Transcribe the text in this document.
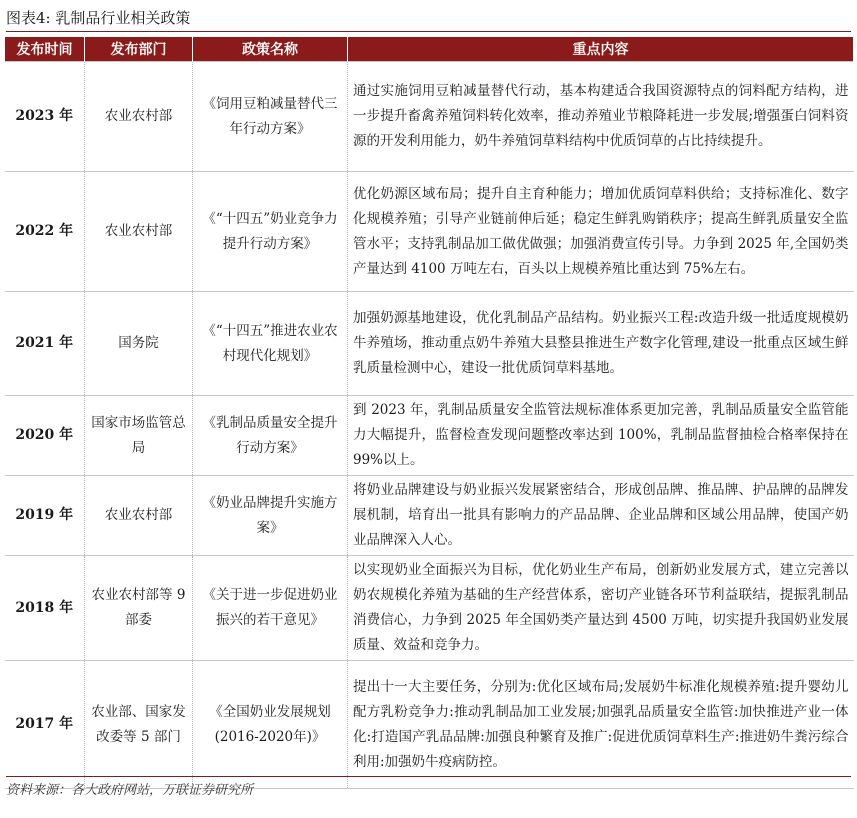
图表4: 乳制品行业相关政策
发布时间	发布部门	政策名称	重点内容
2023 年	农业农村部	《饲用豆粕减量替代三年行动方案》	通过实施饲用豆粕减量替代行动，基本构建适合我国资源特点的饲料配方结构，进一步提升畜禽养殖饲料转化效率，推动养殖业节粮降耗进一步发展;增强蛋白饲料资源的开发利用能力，奶牛养殖饲草料结构中优质饲草的占比持续提升。
2022 年	农业农村部	《“十四五”奶业竞争力提升行动方案》	优化奶源区域布局；提升自主育种能力；增加优质饲草料供给；支持标准化、数字化规模养殖；引导产业链前伸后延；稳定生鲜乳购销秩序；提高生鲜乳质量安全监管水平；支持乳制品加工做优做强；加强消费宣传引导。力争到 2025 年,全国奶类产量达到 4100 万吨左右，百头以上规模养殖比重达到 75%左右。
2021 年	国务院	《“十四五”推进农业农村现代化规划》	加强奶源基地建设，优化乳制品产品结构。奶业振兴工程:改造升级一批适度规模奶牛养殖场，推动重点奶牛养殖大县整县推进生产数字化管理,建设一批重点区域生鲜乳质量检测中心，建设一批优质饲草料基地。
2020 年	国家市场监管总局	《乳制品质量安全提升行动方案》	到 2023 年，乳制品质量安全监管法规标准体系更加完善，乳制品质量安全监管能力大幅提升，监督检查发现问题整改率达到 100%，乳制品监督抽检合格率保持在 99%以上。
2019 年	农业农村部	《奶业品牌提升实施方案》	将奶业品牌建设与奶业振兴发展紧密结合，形成创品牌、推品牌、护品牌的品牌发展机制，培育出一批具有影响力的产品品牌、企业品牌和区域公用品牌，使国产奶业品牌深入人心。
2018 年	农业农村部等 9 部委	《关于进一步促进奶业振兴的若干意见》	以实现奶业全面振兴为目标，优化奶业生产布局，创新奶业发展方式，建立完善以奶农规模化养殖为基础的生产经营体系，密切产业链各环节利益联结，提振乳制品消费信心，力争到 2025 年全国奶类产量达到 4500 万吨，切实提升我国奶业发展质量、效益和竞争力。
2017 年	农业部、国家发改委等 5 部门	《全国奶业发展规划(2016-2020年)》	提出十一大主要任务，分别为:优化区域布局;发展奶牛标准化规模养殖:提升婴幼儿配方乳粉竞争力:推动乳制品加工业发展;加强乳品质量安全监管:加快推进产业一体化:打造国产乳品品牌:加强良种繁育及推广:促进优质饲草料生产:推进奶牛粪污综合利用:加强奶牛疫病防控。
资料来源：各大政府网站，万联证券研究所
